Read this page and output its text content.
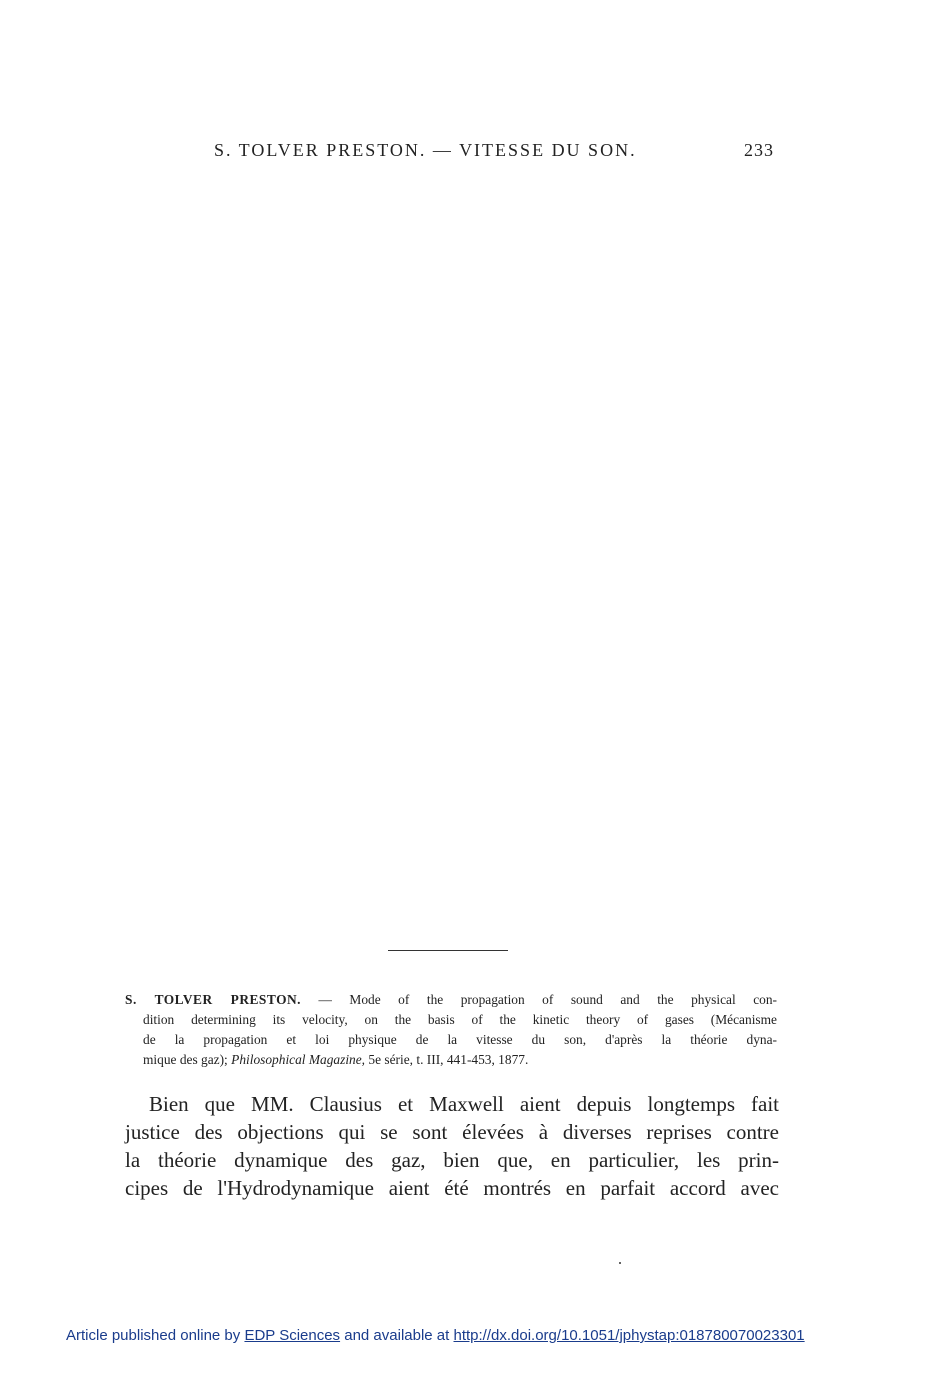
S. TOLVER PRESTON. — VITESSE DU SON.	233
S. TOLVER PRESTON. — Mode of the propagation of sound and the physical con-
dition determining its velocity, on the basis of the kinetic theory of gases (Mécanisme
de la propagation et loi physique de la vitesse du son, d'après la théorie dyna-
mique des gaz); Philosophical Magazine, 5e série, t. III, 441-453, 1877.
Bien que MM. Clausius et Maxwell aient depuis longtemps fait
justice des objections qui se sont élevées à diverses reprises contre
la théorie dynamique des gaz, bien que, en particulier, les prin-
cipes de l'Hydrodynamique aient été montrés en parfait accord avec
Article published online by EDP Sciences and available at http://dx.doi.org/10.1051/jphystap:018780070023301
